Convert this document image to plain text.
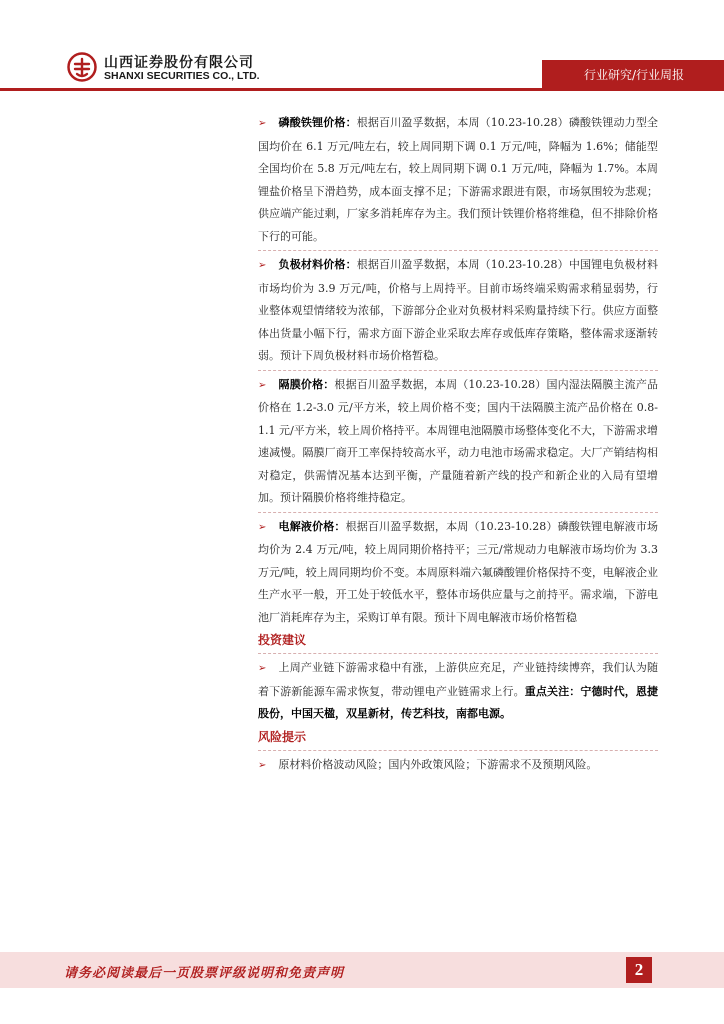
山西证券股份有限公司
SHANXI SECURITIES CO., LTD.	行业研究/行业周报

➢ 磷酸铁锂价格：根据百川盈孚数据，本周（10.23-10.28）磷酸铁锂动力型全国均价在 6.1 万元/吨左右，较上周同期下调 0.1 万元/吨，降幅为 1.6%；储能型全国均价在 5.8 万元/吨左右，较上周同期下调 0.1 万元/吨，降幅为 1.7%。本周锂盐价格呈下滑趋势，成本面支撑不足；下游需求跟进有限，市场氛围较为悲观；供应端产能过剩，厂家多消耗库存为主。我们预计铁锂价格将维稳，但不排除价格下行的可能。

➢ 负极材料价格：根据百川盈孚数据，本周（10.23-10.28）中国锂电负极材料市场均价为 3.9 万元/吨，价格与上周持平。目前市场终端采购需求稍显弱势，行业整体观望情绪较为浓郁，下游部分企业对负极材料采购量持续下行。供应方面整体出货量小幅下行，需求方面下游企业采取去库存或低库存策略，整体需求逐渐转弱。预计下周负极材料市场价格暂稳。

➢ 隔膜价格：根据百川盈孚数据，本周（10.23-10.28）国内湿法隔膜主流产品价格在 1.2-3.0 元/平方米，较上周价格不变；国内干法隔膜主流产品价格在 0.8-1.1 元/平方米，较上周价格持平。本周锂电池隔膜市场整体变化不大，下游需求增速减慢。隔膜厂商开工率保持较高水平，动力电池市场需求稳定。大厂产销结构相对稳定，供需情况基本达到平衡，产量随着新产线的投产和新企业的入局有望增加。预计隔膜价格将维持稳定。

➢ 电解液价格：根据百川盈孚数据，本周（10.23-10.28）磷酸铁锂电解液市场均价为 2.4 万元/吨，较上周同期价格持平；三元/常规动力电解液市场均价为 3.3 万元/吨，较上周同期均价不变。本周原料端六氟磷酸锂价格保持不变，电解液企业生产水平一般，开工处于较低水平，整体市场供应量与之前持平。需求端，下游电池厂消耗库存为主，采购订单有限。预计下周电解液市场价格暂稳

投资建议

➢ 上周产业链下游需求稳中有涨，上游供应充足，产业链持续博弈，我们认为随着下游新能源车需求恢复，带动锂电产业链需求上行。重点关注：宁德时代，恩捷股份，中国天楹，双星新材，传艺科技，南都电源。

风险提示

➢ 原材料价格波动风险；国内外政策风险；下游需求不及预期风险。

请务必阅读最后一页股票评级说明和免责声明	2
